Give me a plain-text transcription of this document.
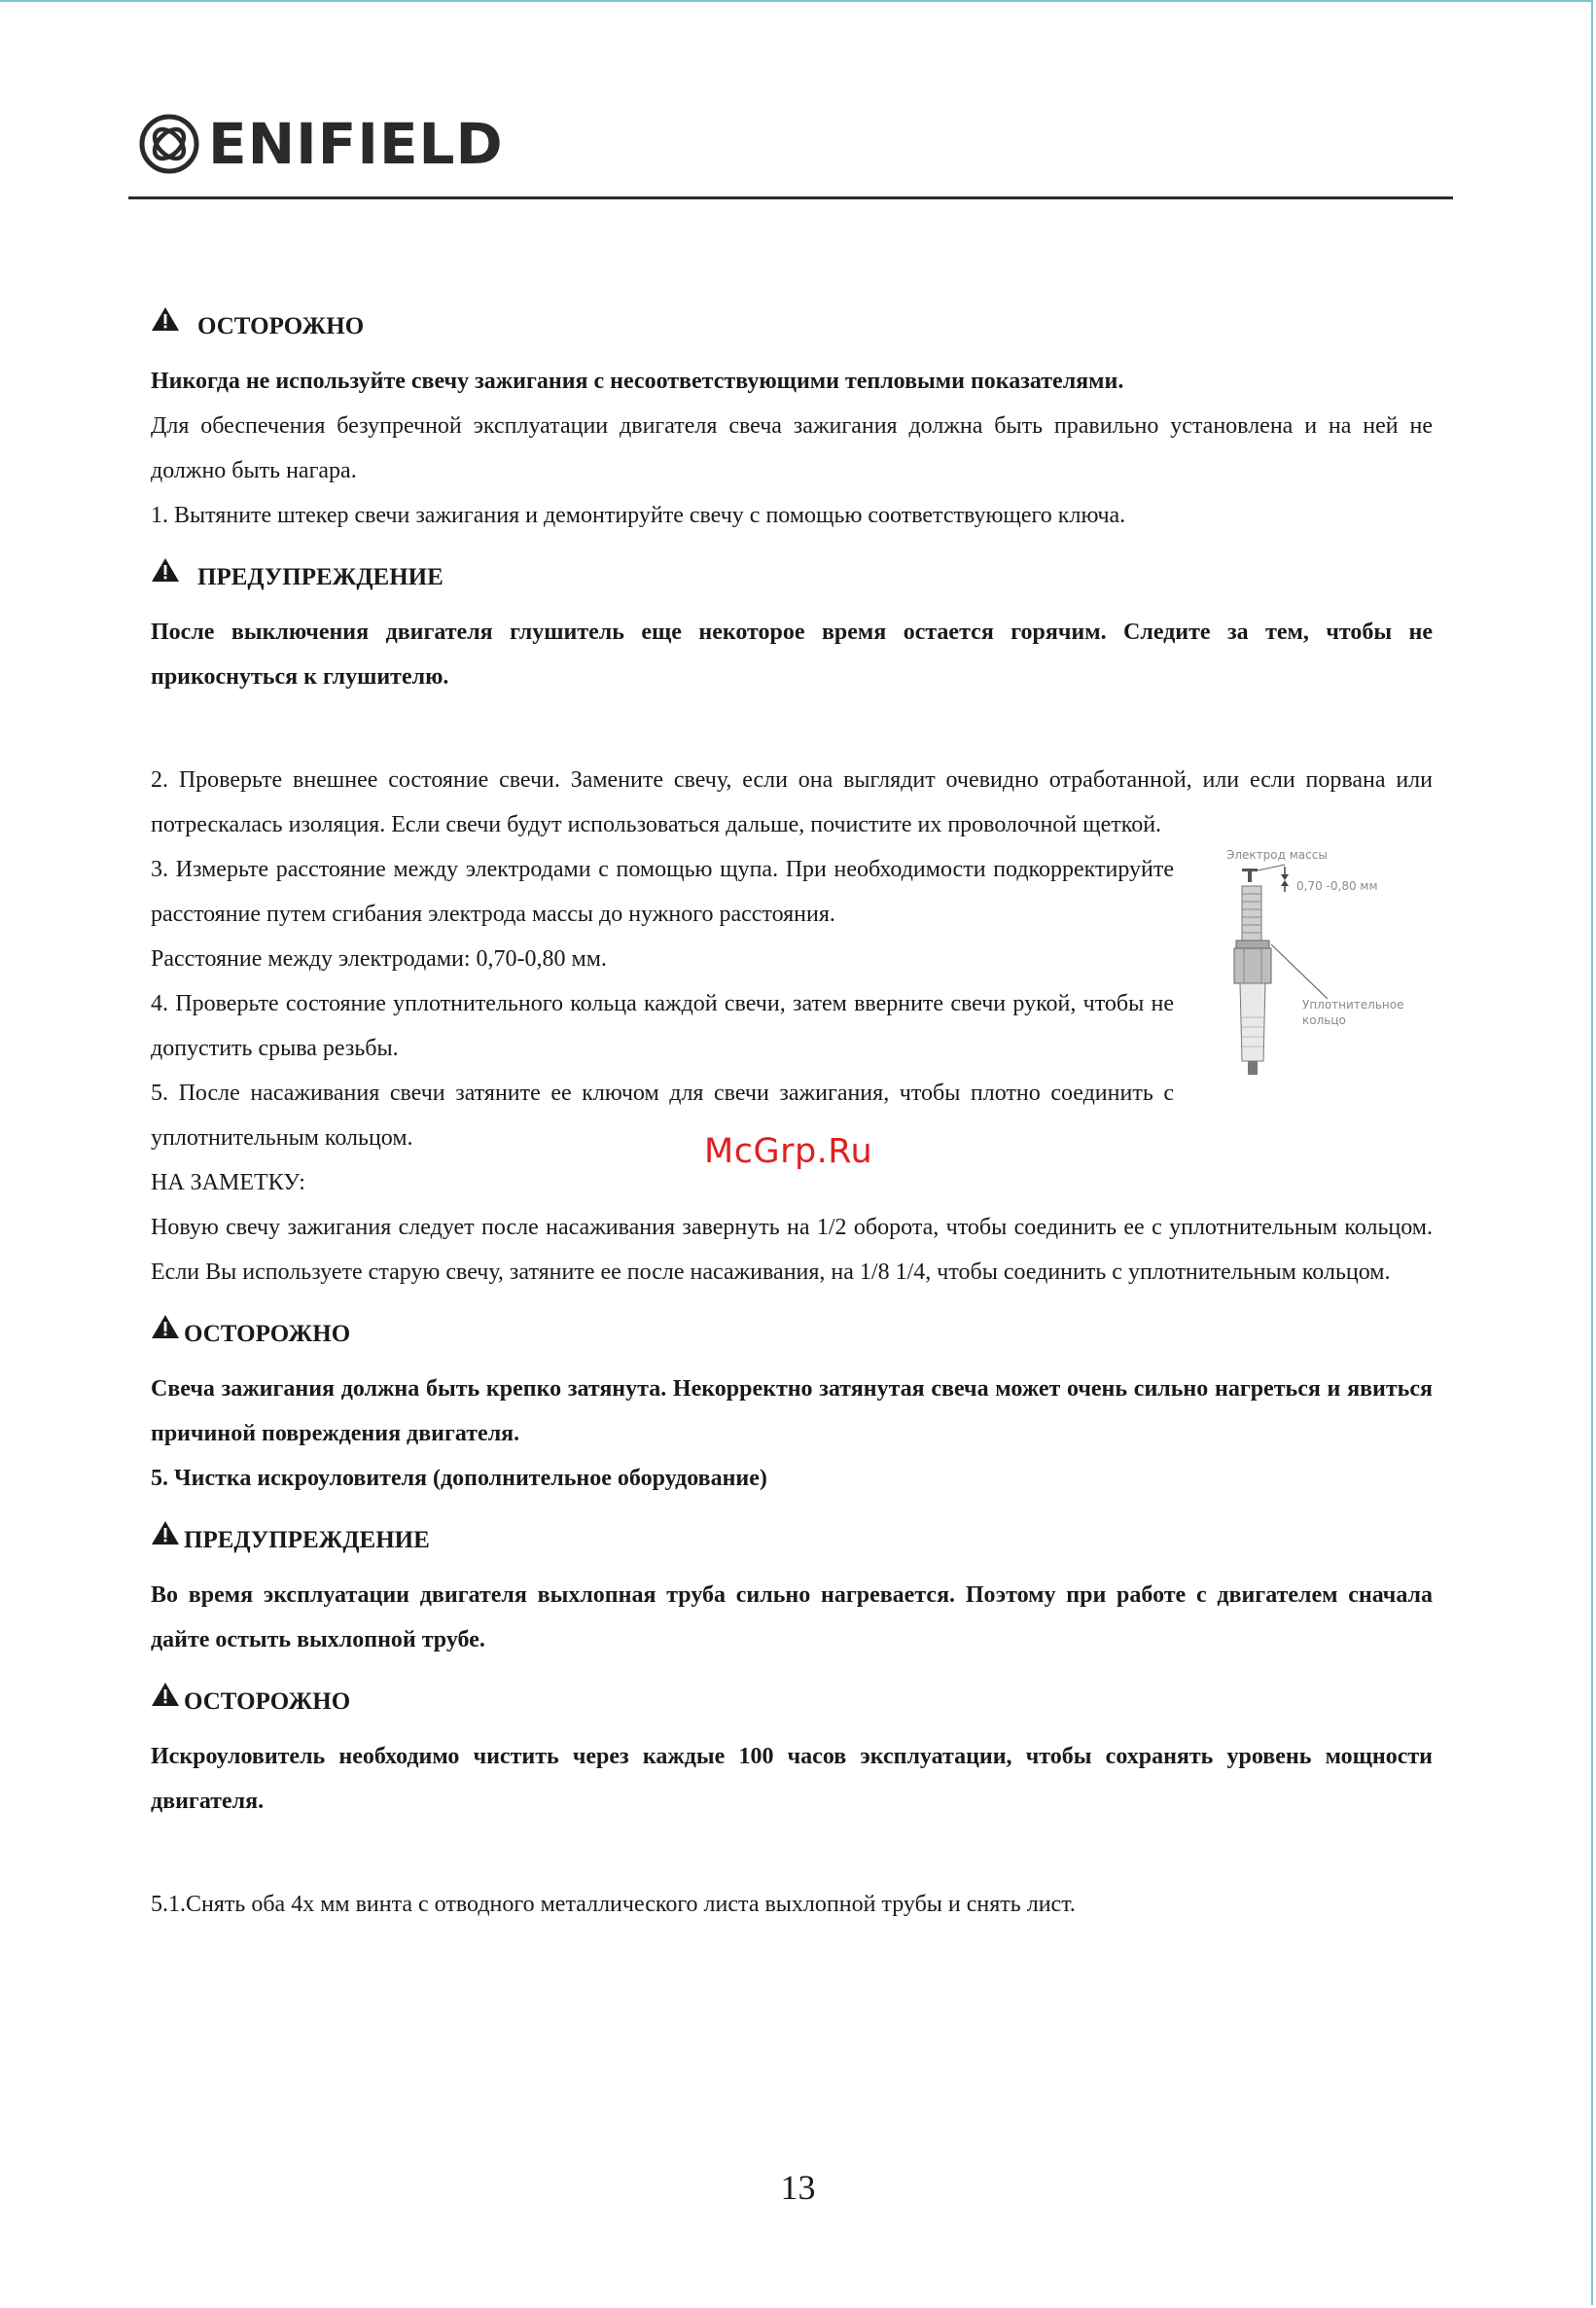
ENIFIELD
ОСТОРОЖНО

Никогда не используйте свечу зажигания с несоответствующими тепловыми показателями.

Для обеспечения безупречной эксплуатации двигателя свеча зажигания должна быть правильно установлена и на ней не должно быть нагара.

1. Вытяните штекер свечи зажигания и демонтируйте свечу с помощью соответствующего ключа.

ПРЕДУПРЕЖДЕНИЕ

После выключения двигателя глушитель еще некоторое время остается горячим. Следите за тем, чтобы не прикоснуться к глушителю.

2. Проверьте внешнее состояние свечи. Замените свечу, если она выглядит очевидно отработанной, или если порвана или потрескалась изоляция. Если свечи будут использоваться дальше, почистите их проволочной щеткой.

3. Измерьте расстояние между электродами с помощью щупа. При необходимости подкорректируйте расстояние путем сгибания электрода массы до нужного расстояния.

Расстояние между электродами: 0,70-0,80 мм.

4. Проверьте состояние уплотнительного кольца каждой свечи, затем вверните свечи рукой, чтобы не допустить срыва резьбы.

5. После насаживания свечи затяните ее ключом для свечи зажигания, чтобы плотно соединить с уплотнительным кольцом.

Электрод массы
0,70 -0,80 мм
Уплотнительное кольцо

НА ЗАМЕТКУ:

Новую свечу зажигания следует после насаживания завернуть на 1/2 оборота, чтобы соединить ее с уплотнительным кольцом. Если Вы используете старую свечу, затяните ее после насаживания, на 1/8 1/4, чтобы соединить с уплотнительным кольцом.

ОСТОРОЖНО

Свеча зажигания должна быть крепко затянута. Некорректно затянутая свеча может очень сильно нагреться и явиться причиной повреждения двигателя.

5. Чистка искроуловителя (дополнительное оборудование)

ПРЕДУПРЕЖДЕНИЕ

Во время эксплуатации двигателя выхлопная труба сильно нагревается. Поэтому при работе с двигателем сначала дайте остыть выхлопной трубе.

ОСТОРОЖНО

Искроуловитель необходимо чистить через каждые 100 часов эксплуатации, чтобы сохранять уровень мощности двигателя.

5.1.Снять оба 4х мм винта с отводного металлического листа выхлопной трубы и снять лист.

McGrp.Ru
13
